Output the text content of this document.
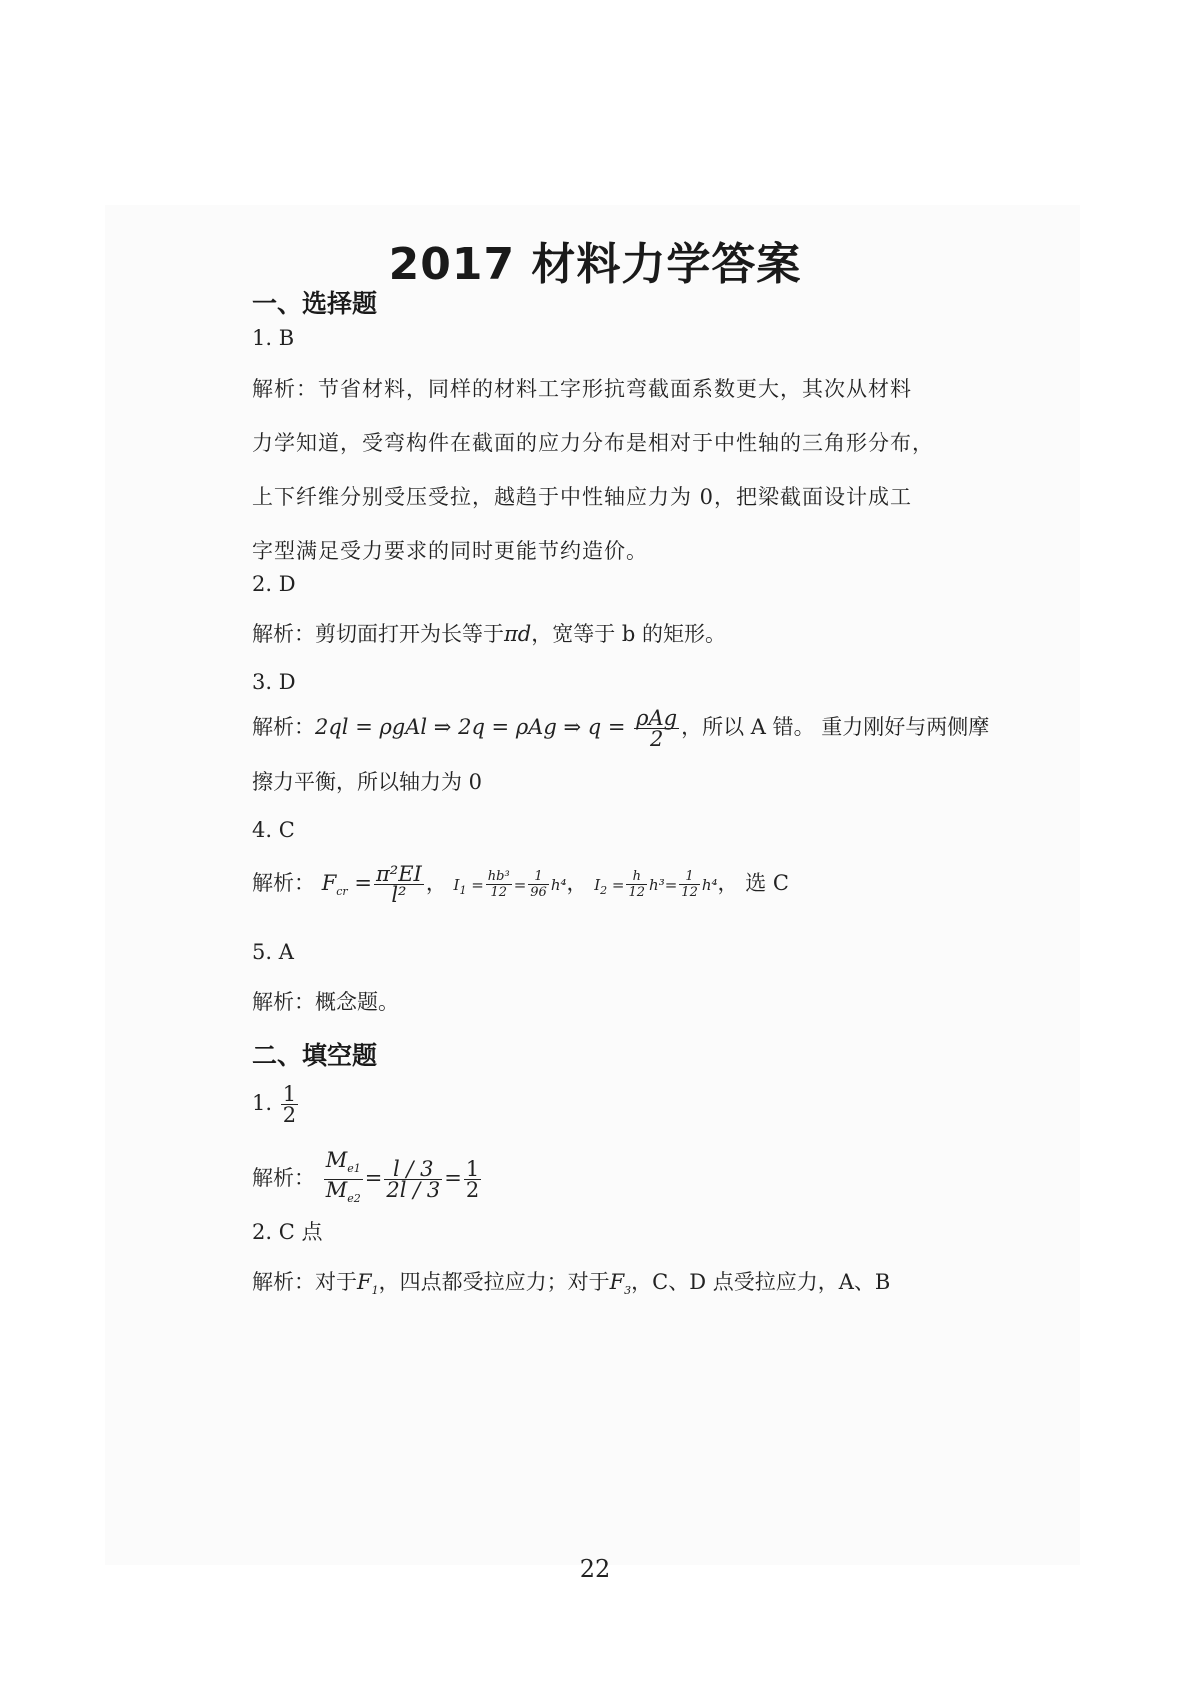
2017 材料力学答案

一、选择题

1. B

解析：节省材料，同样的材料工字形抗弯截面系数更大，其次从材料
力学知道，受弯构件在截面的应力分布是相对于中性轴的三角形分布，
上下纤维分别受压受拉，越趋于中性轴应力为 0，把梁截面设计成工
字型满足受力要求的同时更能节约造价。

2. D

解析：剪切面打开为长等于πd，宽等于 b 的矩形。

3. D

解析：2ql = ρgAl ⇒ 2q = ρAg ⇒ $q = \frac{\text{ρAg}}{2}$ ，所以 A 错。 重力刚好与两侧摩
擦力平衡，所以轴力为 0

4. C

解析： $F_{cr} = \frac{\text{π²EI}}{\text{l²}}$ ， $I_1 = \frac{\text{hb³}}{12} = \frac{1}{96} h^4$， $I_2 = \frac{h}{12} h^3= \frac{1}{12} h^4$， 选 C

5. A

解析：概念题。

二、填空题

1. $\frac{1}{2}$
解析： $\frac{M_{e1}}{M_{e2}} = \frac{l / 3}{2l / 3} = \frac{1}{2}$

2. C 点

解析：对于$F_1$，四点都受拉应力；对于$F_3$，C、D 点受拉应力，A、B
22
